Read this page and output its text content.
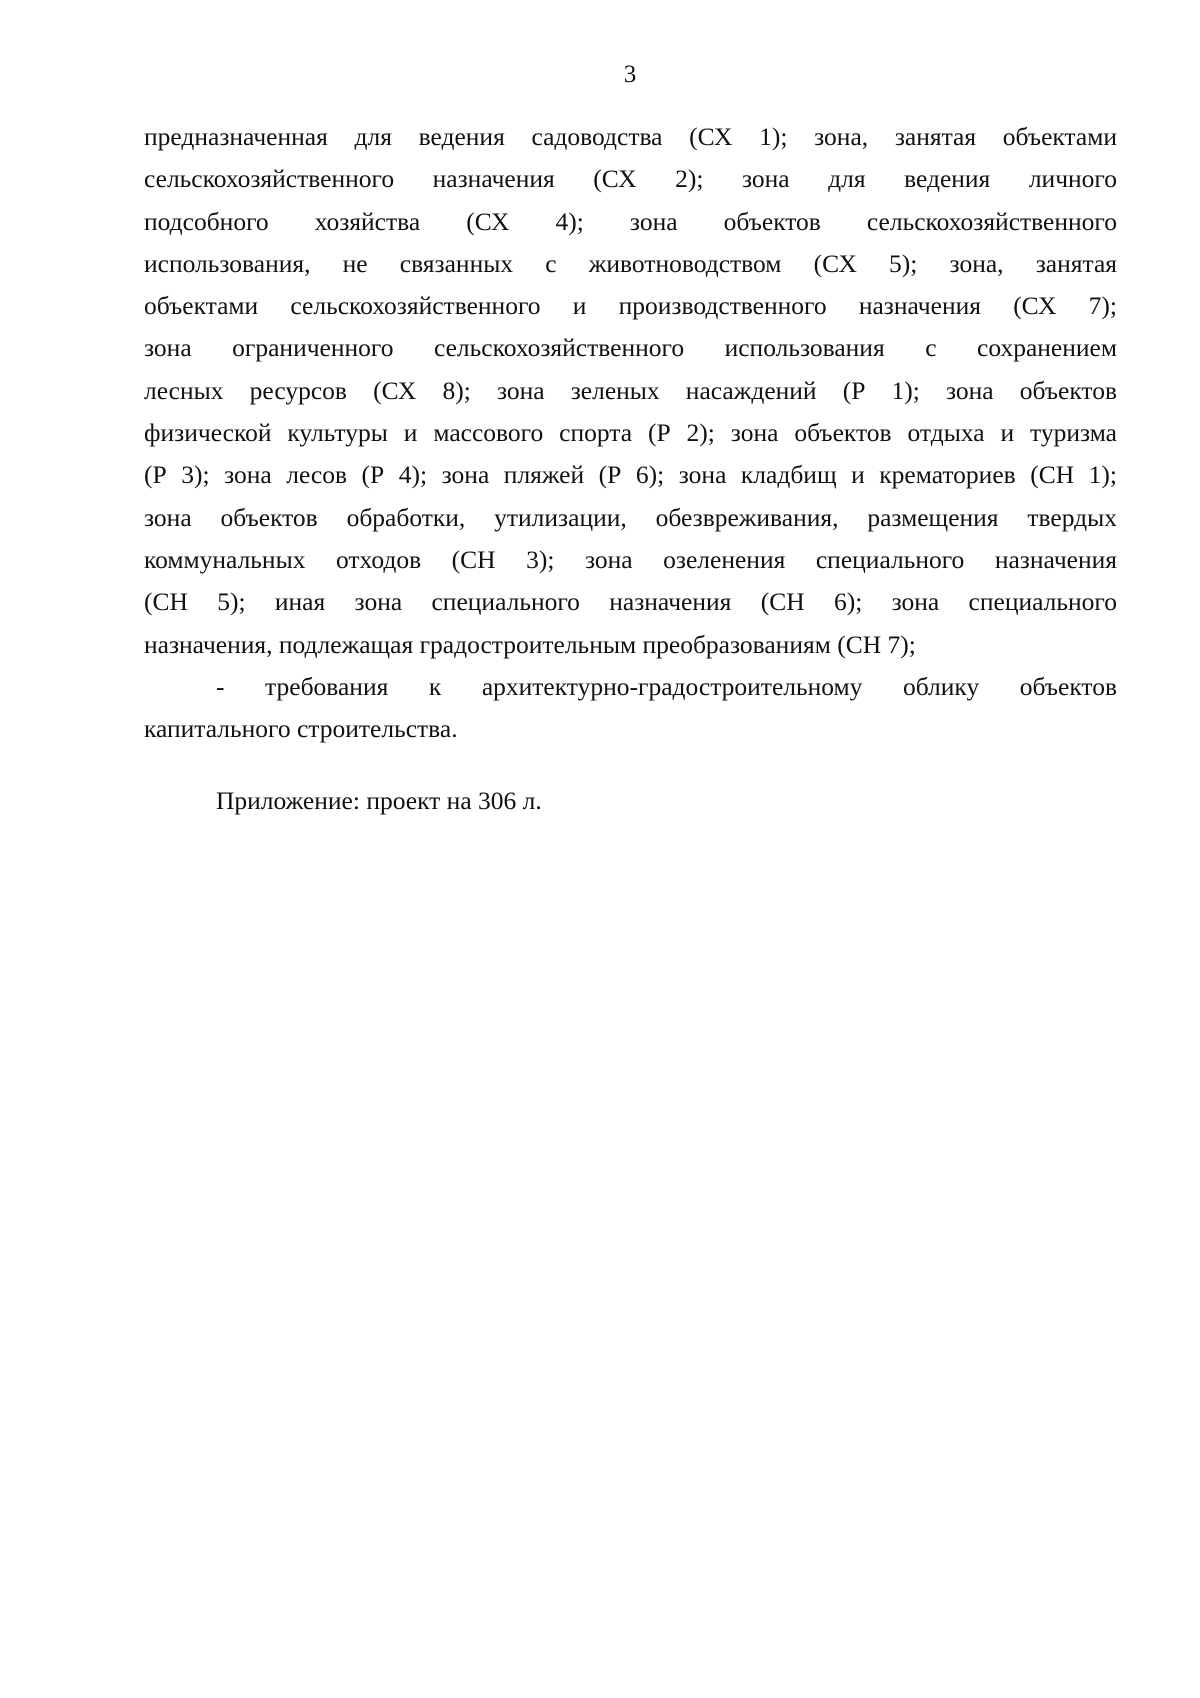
3
предназначенная для ведения садоводства (СХ 1); зона, занятая объектами
сельскохозяйственного назначения (СХ 2); зона для ведения личного
подсобного хозяйства (СХ 4); зона объектов сельскохозяйственного
использования, не связанных с животноводством (СХ 5); зона, занятая
объектами сельскохозяйственного и производственного назначения (СХ 7);
зона ограниченного сельскохозяйственного использования с сохранением
лесных ресурсов (СХ 8); зона зеленых насаждений (Р 1); зона объектов
физической культуры и массового спорта (Р 2); зона объектов отдыха и туризма
(Р 3); зона лесов (Р 4); зона пляжей (Р 6); зона кладбищ и крематориев (СН 1);
зона объектов обработки, утилизации, обезвреживания, размещения твердых
коммунальных отходов (СН 3); зона озеленения специального назначения
(СН 5); иная зона специального назначения (СН 6); зона специального
назначения, подлежащая градостроительным преобразованиям (СН 7);
- требования к архитектурно-градостроительному облику объектов
капитального строительства.
Приложение: проект на 306 л.
